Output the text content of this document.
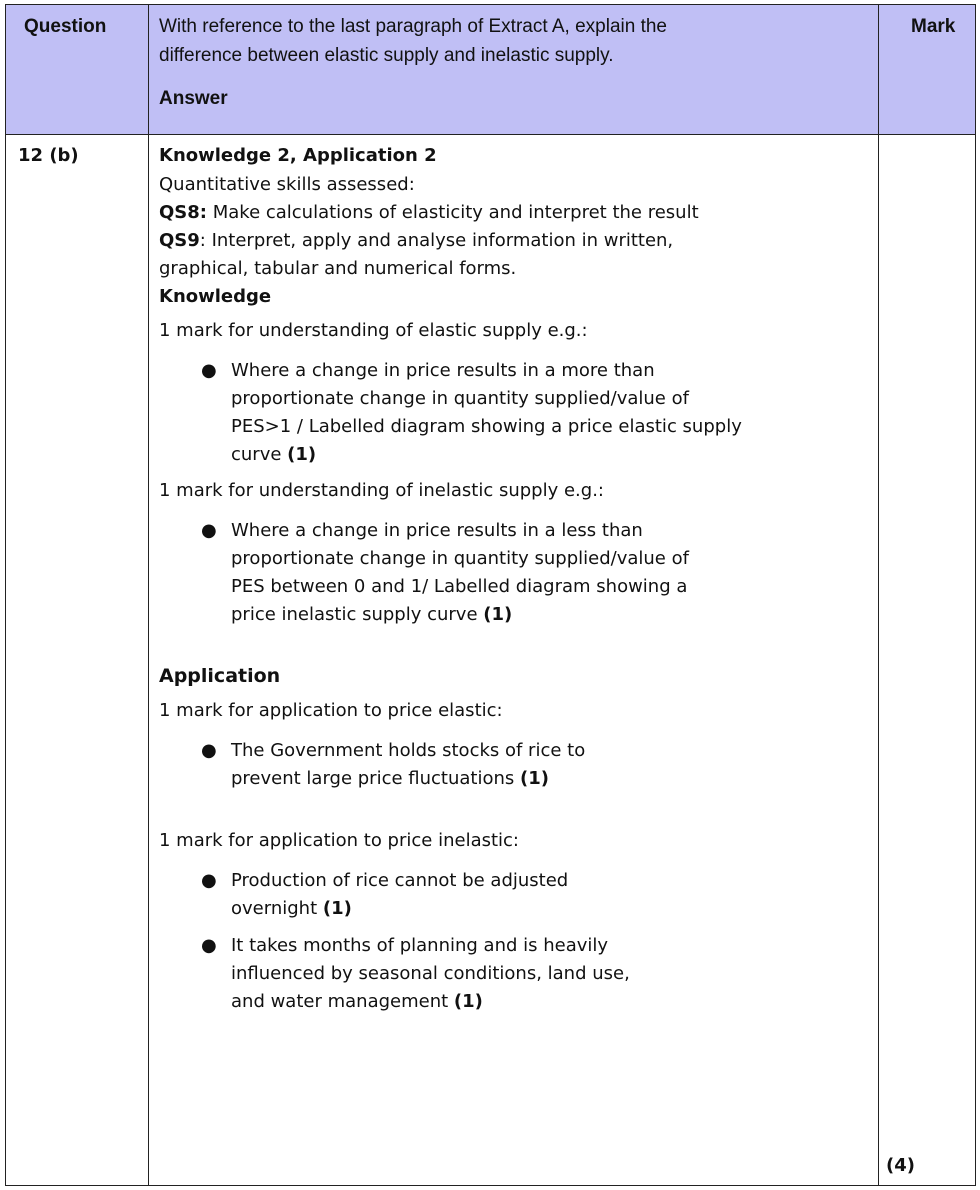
Question	With reference to the last paragraph of Extract A, explain the
difference between elastic supply and inelastic supply.
Answer
Mark
12 (b)	Knowledge 2, Application 2
Quantitative skills assessed:
QS8: Make calculations of elasticity and interpret the result
QS9: Interpret, apply and analyse information in written,
graphical, tabular and numerical forms.
Knowledge
1 mark for understanding of elastic supply e.g.:
● Where a change in price results in a more than
proportionate change in quantity supplied/value of
PES>1 / Labelled diagram showing a price elastic supply
curve (1)
1 mark for understanding of inelastic supply e.g.:
● Where a change in price results in a less than
proportionate change in quantity supplied/value of
PES between 0 and 1/ Labelled diagram showing a
price inelastic supply curve (1)
Application
1 mark for application to price elastic:
● The Government holds stocks of rice to
prevent large price fluctuations (1)
1 mark for application to price inelastic:
● Production of rice cannot be adjusted
overnight (1)
● It takes months of planning and is heavily
influenced by seasonal conditions, land use,
and water management (1)
(4)
